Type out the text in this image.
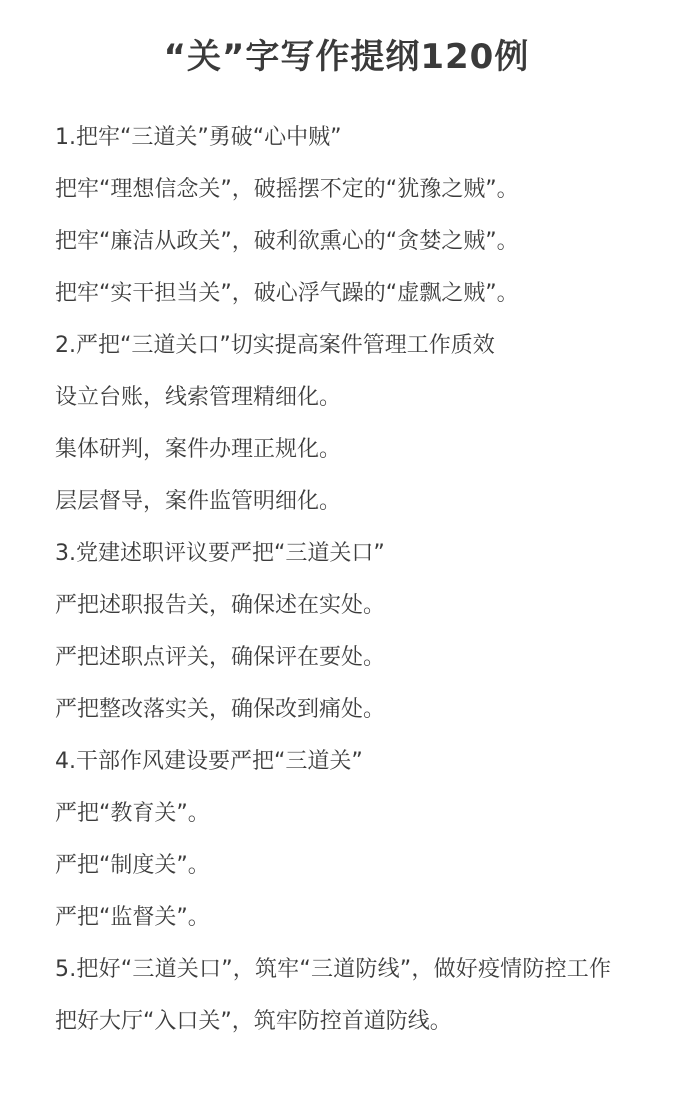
“关”字写作提纲120例

1.把牢“三道关”勇破“心中贼”

把牢“理想信念关”，破摇摆不定的“犹豫之贼”。

把牢“廉洁从政关”，破利欲熏心的“贪婪之贼”。

把牢“实干担当关”，破心浮气躁的“虚飘之贼”。

2.严把“三道关口”切实提高案件管理工作质效

设立台账，线索管理精细化。

集体研判，案件办理正规化。

层层督导，案件监管明细化。

3.党建述职评议要严把“三道关口”

严把述职报告关，确保述在实处。

严把述职点评关，确保评在要处。

严把整改落实关，确保改到痛处。

4.干部作风建设要严把“三道关”

严把“教育关”。

严把“制度关”。

严把“监督关”。

5.把好“三道关口”，筑牢“三道防线”，做好疫情防控工作

把好大厅“入口关”，筑牢防控首道防线。
